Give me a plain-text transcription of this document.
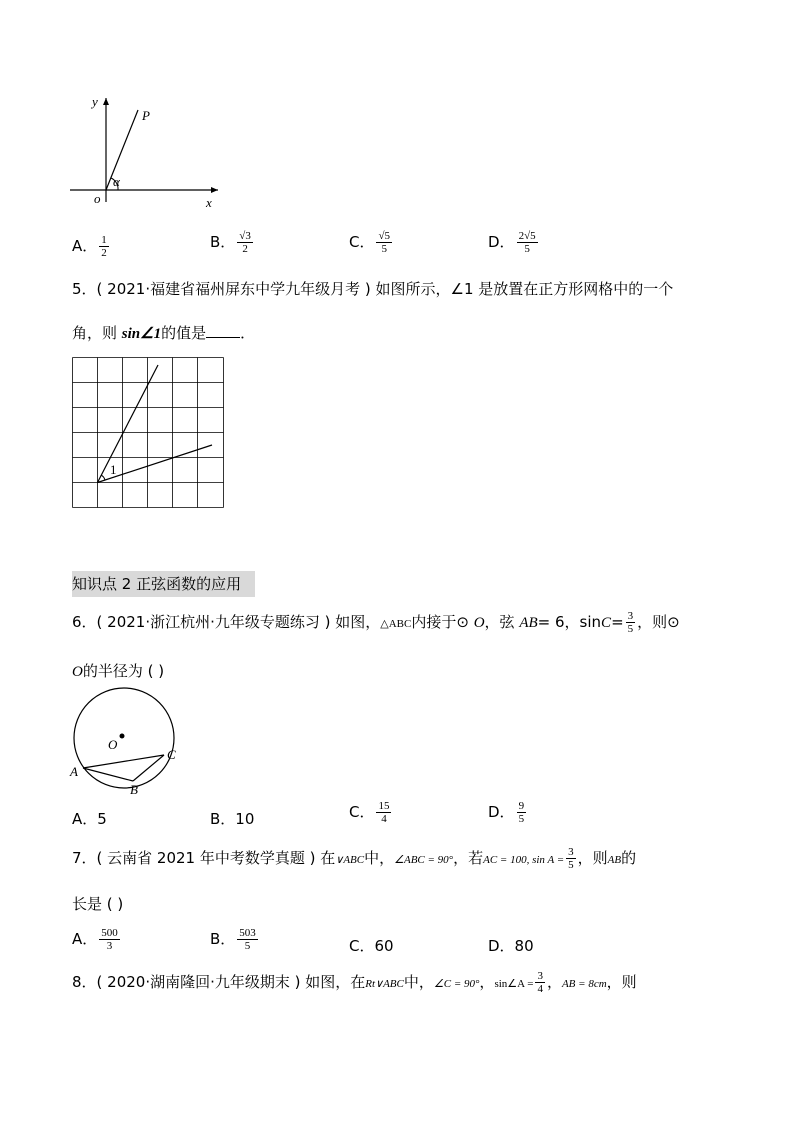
y
P
α
o	x
A． $\frac{1}{2}$	B． $\frac{√3}{2}$	C． $\frac{√5}{5}$	D． $\frac{2√5}{5}$
5．( 2021·福建省福州屏东中学九年级月考 ) 如图所示，∠1 是放置在正方形网格中的一个
角，则 sin∠1的值是 ．
1
知识点 2 正弦函数的应用
6．( 2021·浙江杭州·九年级专题练习 ) 如图，△ABC内接于⊙ O，弦 AB= 6，$\sin C= \frac{3}{5}$ ，则⊙
O的半径为 ( )
O
A
B
C
A．5	B．10	C． $\frac{15}{4}$	D． $\frac{9}{5}$
7．( 云南省 2021 年中考数学真题 ) 在∨ABC中，∠ABC = 90°，若AC = 100, $\sin A = \frac{3}{5}$ ，则AB的
长是 ( )
A． $\frac{500}{3}$	B． $\frac{503}{5}$	C．60	D．80
8．( 2020·湖南隆回·九年级期末 ) 如图，在Rt∨ABC中，∠C = 90°，sin∠A = $\frac{3}{4}$ ，AB = 8cm，则
